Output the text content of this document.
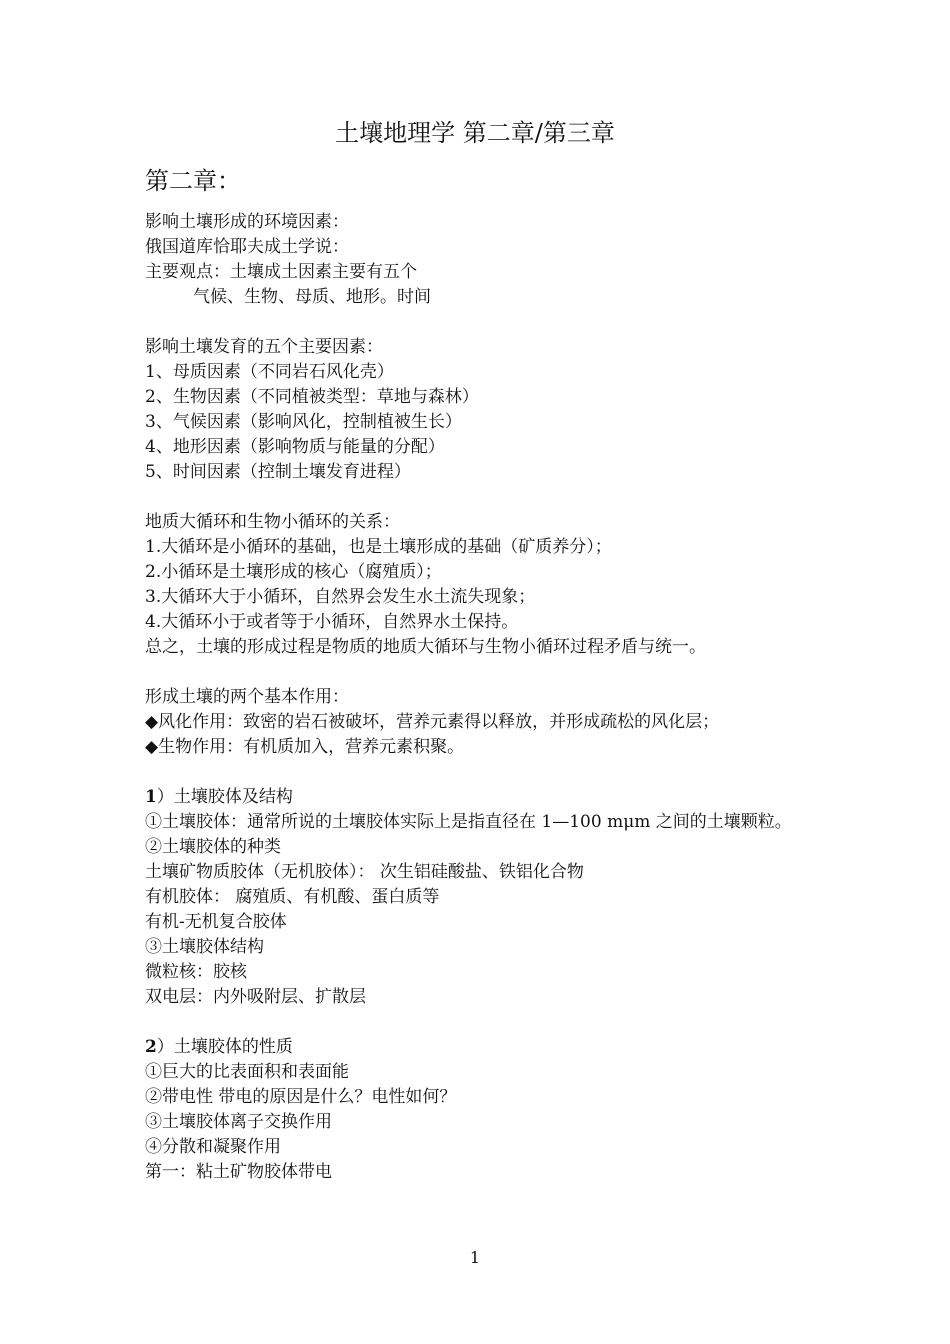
土壤地理学 第二章/第三章
第二章：
影响土壤形成的环境因素：
俄国道库恰耶夫成土学说：
主要观点：土壤成土因素主要有五个
气候、生物、母质、地形。时间
影响土壤发育的五个主要因素：
1、母质因素（不同岩石风化壳）
2、生物因素（不同植被类型：草地与森林）
3、气候因素（影响风化，控制植被生长）
4、地形因素（影响物质与能量的分配）
5、时间因素（控制土壤发育进程）
地质大循环和生物小循环的关系：
1.大循环是小循环的基础，也是土壤形成的基础（矿质养分）；
2.小循环是土壤形成的核心（腐殖质）；
3.大循环大于小循环，自然界会发生水土流失现象；
4.大循环小于或者等于小循环，自然界水土保持。
总之，土壤的形成过程是物质的地质大循环与生物小循环过程矛盾与统一。
形成土壤的两个基本作用：
◆风化作用：致密的岩石被破坏，营养元素得以释放，并形成疏松的风化层；
◆生物作用：有机质加入，营养元素积聚。
1）土壤胶体及结构
①土壤胶体：通常所说的土壤胶体实际上是指直径在 1—100 mμm 之间的土壤颗粒。
②土壤胶体的种类
土壤矿物质胶体（无机胶体）： 次生铝硅酸盐、铁铝化合物
有机胶体： 腐殖质、有机酸、蛋白质等
有机-无机复合胶体
③土壤胶体结构
微粒核：胶核
双电层：内外吸附层、扩散层
2）土壤胶体的性质
①巨大的比表面积和表面能
②带电性 带电的原因是什么？电性如何？
③土壤胶体离子交换作用
④分散和凝聚作用
第一：粘土矿物胶体带电
1
